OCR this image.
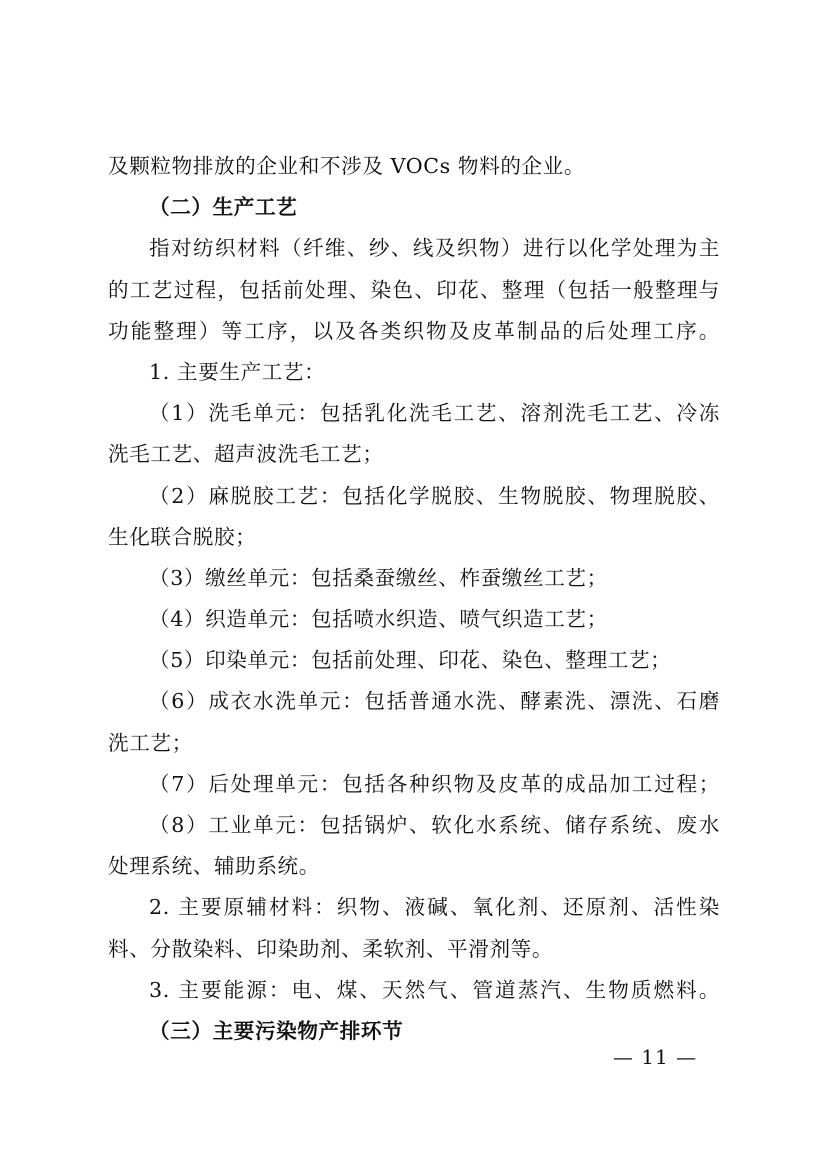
及颗粒物排放的企业和不涉及 VOCs 物料的企业。
（二）生产工艺
指对纺织材料（纤维、纱、线及织物）进行以化学处理为主
的工艺过程，包括前处理、染色、印花、整理（包括一般整理与
功能整理）等工序，以及各类织物及皮革制品的后处理工序。
1. 主要生产工艺：
（1）洗毛单元：包括乳化洗毛工艺、溶剂洗毛工艺、冷冻
洗毛工艺、超声波洗毛工艺；
（2）麻脱胶工艺：包括化学脱胶、生物脱胶、物理脱胶、
生化联合脱胶；
（3）缴丝单元：包括桑蚕缴丝、柞蚕缴丝工艺；
（4）织造单元：包括喷水织造、喷气织造工艺；
（5）印染单元：包括前处理、印花、染色、整理工艺；
（6）成衣水洗单元：包括普通水洗、酵素洗、漂洗、石磨
洗工艺；
（7）后处理单元：包括各种织物及皮革的成品加工过程；
（8）工业单元：包括锅炉、软化水系统、储存系统、废水
处理系统、辅助系统。
2. 主要原辅材料：织物、液碱、氧化剂、还原剂、活性染
料、分散染料、印染助剂、柔软剂、平滑剂等。
3. 主要能源：电、煤、天然气、管道蒸汽、生物质燃料。
（三）主要污染物产排环节
— 11 —
